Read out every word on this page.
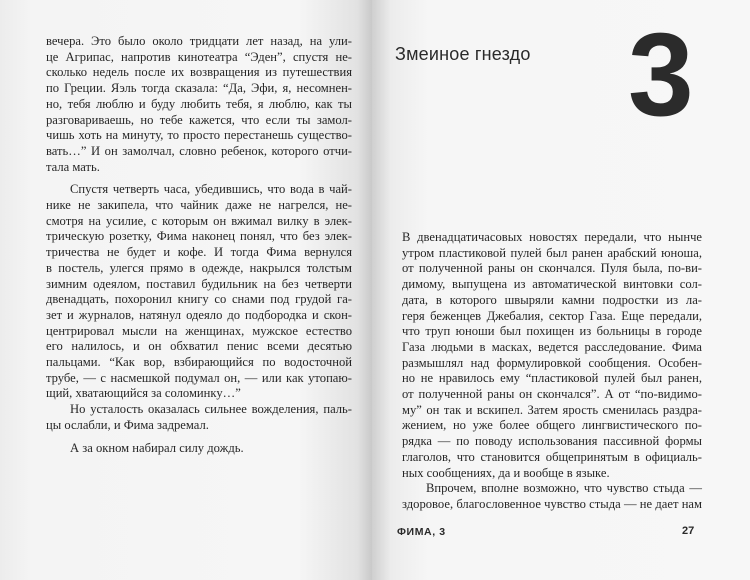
вечера. Это было около тридцати лет назад, на ули-
це Агрипас, напротив кинотеатра “Эден”, спустя не-
сколько недель после их возвращения из путешествия
по Греции. Яэль тогда сказала: “Да, Эфи, я, несомнен-
но, тебя люблю и буду любить тебя, я люблю, как ты
разговариваешь, но тебе кажется, что если ты замол-
чишь хоть на минуту, то просто перестанешь существо-
вать…” И он замолчал, словно ребенок, которого отчи-
тала мать.
Спустя четверть часа, убедившись, что вода в чай-
нике не закипела, что чайник даже не нагрелся, не-
смотря на усилие, с которым он вжимал вилку в элек-
трическую розетку, Фима наконец понял, что без элек-
тричества не будет и кофе. И тогда Фима вернулся
в постель, улегся прямо в одежде, накрылся толстым
зимним одеялом, поставил будильник на без четверти
двенадцать, похоронил книгу со снами под грудой га-
зет и журналов, натянул одеяло до подбородка и скон-
центрировал мысли на женщинах, мужское естество
его налилось, и он обхватил пенис всеми десятью
пальцами. “Как вор, взбирающийся по водосточной
трубе, — с насмешкой подумал он, — или как утопаю-
щий, хватающийся за соломинку…”
Но усталость оказалась сильнее вожделения, паль-
цы ослабли, и Фима задремал.
А за окном набирал силу дождь.
Змеиное гнездо 3
В двенадцатичасовых новостях передали, что нынче
утром пластиковой пулей был ранен арабский юноша,
от полученной раны он скончался. Пуля была, по-ви-
димому, выпущена из автоматической винтовки сол-
дата, в которого швыряли камни подростки из ла-
геря беженцев Джебалия, сектор Газа. Еще передали,
что труп юноши был похищен из больницы в городе
Газа людьми в масках, ведется расследование. Фима
размышлял над формулировкой сообщения. Особен-
но не нравилось ему “пластиковой пулей был ранен,
от полученной раны он скончался”. А от “по-видимо-
му” он так и вскипел. Затем ярость сменилась раздра-
жением, но уже более общего лингвистического по-
рядка — по поводу использования пассивной формы
глаголов, что становится общепринятым в официаль-
ных сообщениях, да и вообще в языке.
Впрочем, вполне возможно, что чувство стыда —
здоровое, благословенное чувство стыда — не дает нам
ФИМА, 3	27
